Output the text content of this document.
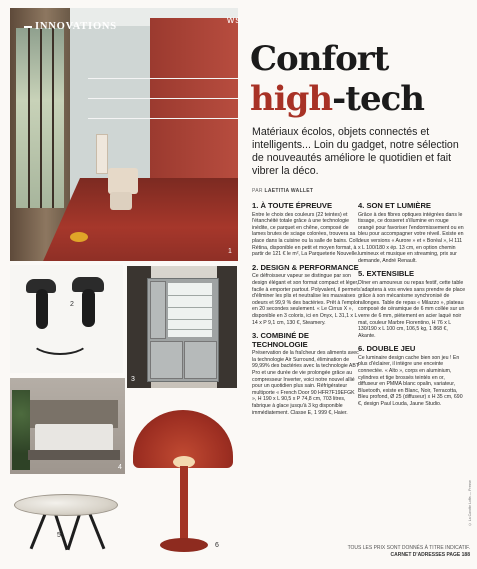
INNOVATIONS
1
ws
2
3
4
5
6
Confort
high-tech
Matériaux écolos, objets connectés et intelligents... Loin du gadget, notre sélection de nouveautés améliore le quotidien et fait vibrer la déco.
PAR LAETITIA WALLET
1. À TOUTE ÉPREUVE

Entre le choix des couleurs (22 teintes) et l'étanchéité totale grâce à une technologie inédite, ce parquet en chêne, composé de lames brutes de sciage colorées, trouvera sa place dans la cuisine ou la salle de bains. Coll. Rétina, disponible en petit et moyen format, à partir de 121 € le m², La Parqueterie Nouvelle.

2. DESIGN & PERFORMANCE

Ce défroisseur vapeur se distingue par son design élégant et son format compact et léger, facile à emporter partout. Polyvalent, il permet d'éliminer les plis et neutralise les mauvaises odeurs et 99,9 % des bactéries. Prêt à l'emploi en 20 secondes seulement. « Le Cirrus X », disponible en 3 coloris, ici en Onyx, L 31,1 x L 14 x P 9,1 cm, 130 €, Steamery.

3. COMBINÉ DE TECHNOLOGIE

Préservation de la fraîcheur des aliments avec la technologie Air Surround, élimination de 99,99% des bactéries avec la technologie ABT Pro et une durée de vie prolongée grâce au compresseur Inverter, voici notre nouvel allié pour un quotidien plus sain. Réfrigérateur multiporte « French Door 90 HFR7F19EFGK », H 190 x L 90,5 x P 74,8 cm, 703 litres, fabrique à glace jusqu'à 3 kg disponible immédiatement. Classe E, 1 999 €, Haier.

4. SON ET LUMIÈRE

Grâce à des fibres optiques intégrées dans le tissage, ce dosseret s'illumine en rouge orangé pour favoriser l'endormissement ou en bleu pour accompagner votre réveil. Existe en deux versions « Aurore » et « Boréal », H 111 x L 100/180 x ép. 13 cm, en option chemin lumineux et musique en streaming, prix sur demande, André Renault.

5. EXTENSIBLE

Dîner en amoureux ou repas festif, cette table s'adaptera à vos envies sans prendre de place grâce à son mécanisme synchronisé de rallonges. Table de repas « Milazzo », plateau composé de céramique de 6 mm collée sur un verre de 6 mm, piètement en acier laqué noir mat, couleur Marbre Fiorentino, H 76 x L 130/190 x L 100 cm, 106,5 kg, 1 868 €, Akante.

6. DOUBLE JEU

Ce luminaire design cache bien son jeu ! En plus d'éclairer, il intègre une enceinte connectée. « Alto », corps en aluminium, cylindres et tige brossés teintés en or, diffuseur en PMMA blanc opalin, variateur, Bluetooth, existe en Blanc, Noir, Terracotta, Bleu profond, Ø 25 (diffuseur) x H 35 cm, 690 €, design Paul Louda, Jaune Studio.

TOUS LES PRIX SONT DONNÉS À TITRE INDICATIF.
CARNET D'ADRESSES PAGE 188
© La Carotte Lofts — Presse
